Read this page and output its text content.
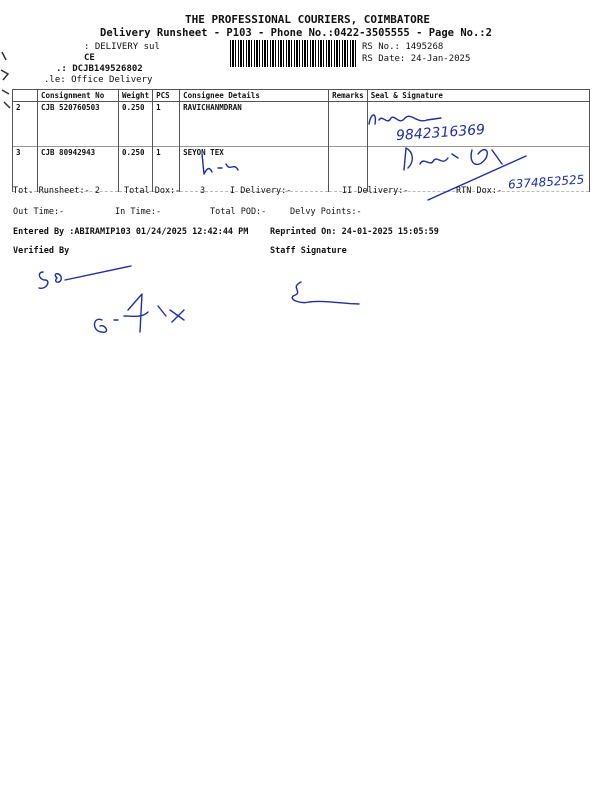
THE PROFESSIONAL COURIERS, COIMBATORE
Delivery Runsheet - P103 - Phone No.:0422-3505555 - Page No.:2
: DELIVERY sul
CE
.: DCJB149526802
.le: Office Delivery
RS No.: 1495268
RS Date: 24-Jan-2025
	Consignment No	Weight	PCS	Consignee Details	Remarks	Seal & Signature
2	CJB 520760503	0.250	1	RAVICHANMDRAN		
3	CJB 80942943	0.250	1	SEYON TEX		
9842316369
6374852525
Tot. Runsheet:- 2	Total Dox:- 3	I Delivery:-	II Delivery:-	RTN Dox:-
Out Time:-	In Time:-	Total POD:-	Delvy Points:-
Entered By :ABIRAMIP103 01/24/2025 12:42:44 PM	Reprinted On: 24-01-2025 15:05:59
Verified By	Staff Signature
